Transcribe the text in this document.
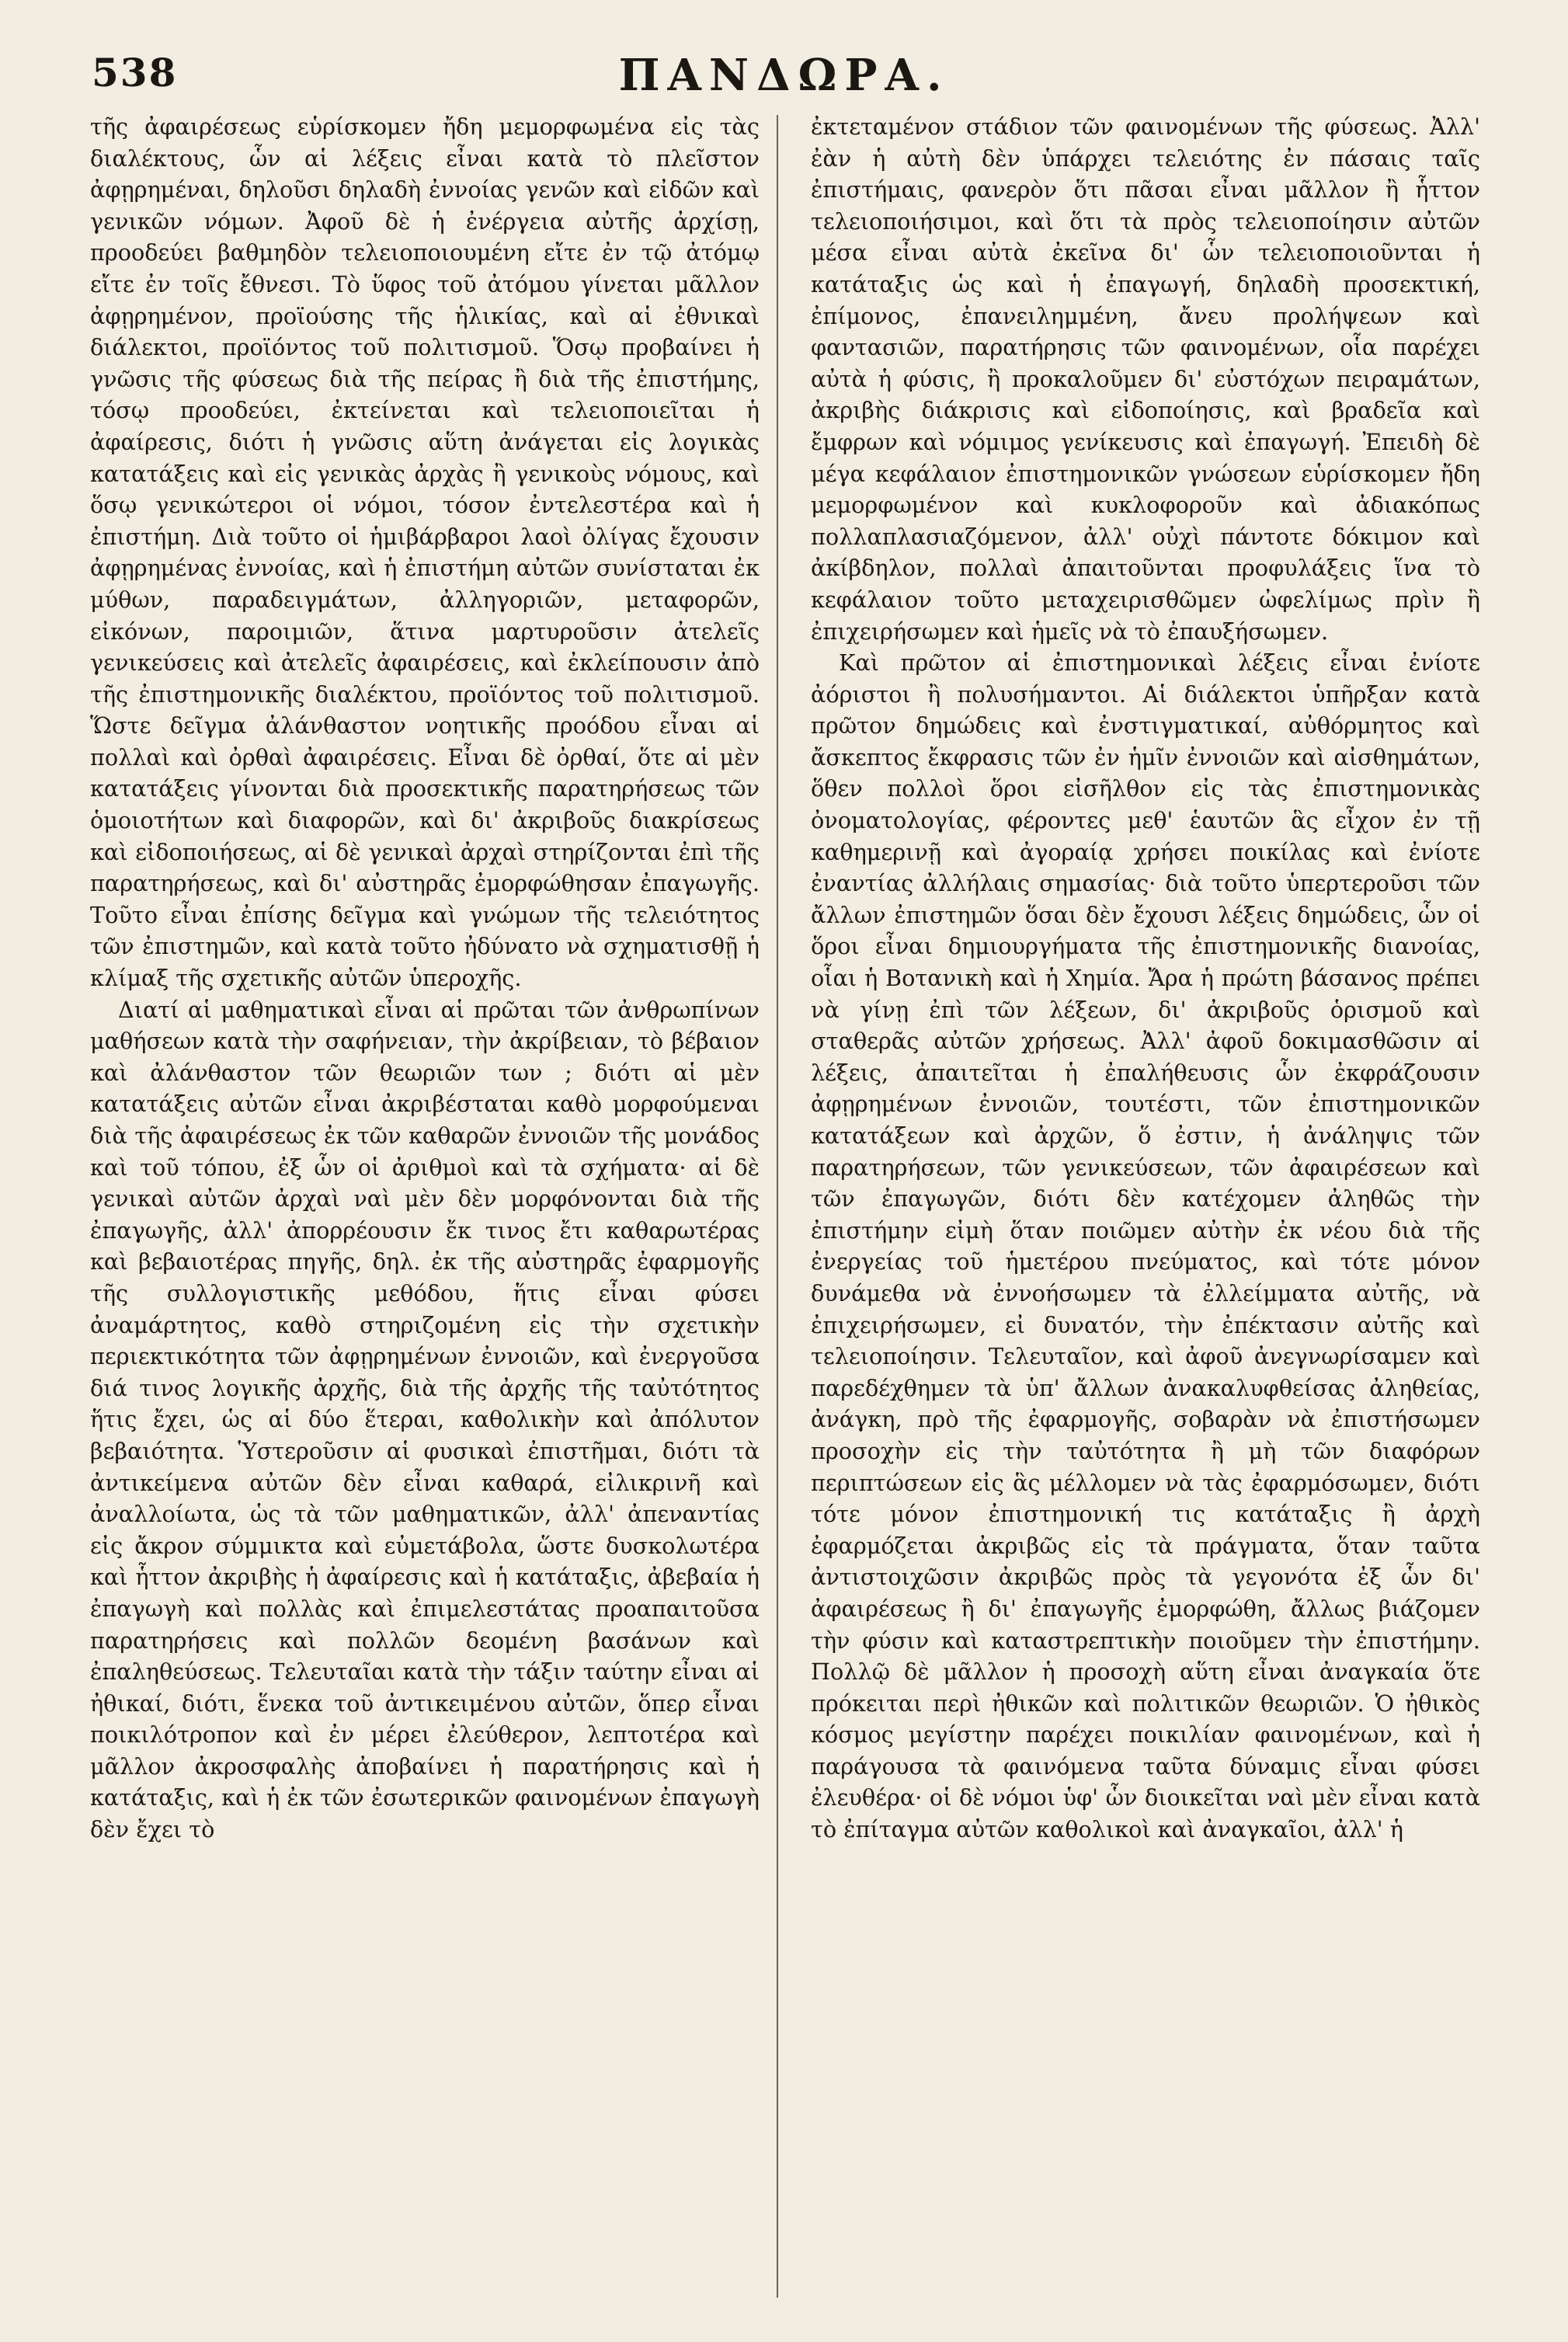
538	ΠΑΝΔΩΡΑ.

τῆς ἀφαιρέσεως εὑρίσκομεν ἤδη μεμορφωμένα εἰς τὰς διαλέκτους, ὧν αἱ λέξεις εἶναι κατὰ τὸ πλεῖστον ἀφῃρημέναι, δηλοῦσι δηλαδὴ ἐννοίας γενῶν καὶ εἰδῶν καὶ γενικῶν νόμων. Ἀφοῦ δὲ ἡ ἐνέργεια αὐτῆς ἀρχίσῃ, προοδεύει βαθμηδὸν τελειοποιουμένη εἴτε ἐν τῷ ἀτόμῳ εἴτε ἐν τοῖς ἔθνεσι. Τὸ ὕφος τοῦ ἀτόμου γίνεται μᾶλλον ἀφῃρημένον, προϊούσης τῆς ἡλικίας, καὶ αἱ ἐθνικαὶ διάλεκτοι, προϊόντος τοῦ πολιτισμοῦ. Ὅσῳ προβαίνει ἡ γνῶσις τῆς φύσεως διὰ τῆς πείρας ἢ διὰ τῆς ἐπιστήμης, τόσῳ προοδεύει, ἐκτείνεται καὶ τελειοποιεῖται ἡ ἀφαίρεσις, διότι ἡ γνῶσις αὕτη ἀνάγεται εἰς λογικὰς κατατάξεις καὶ εἰς γενικὰς ἀρχὰς ἢ γενικοὺς νόμους, καὶ ὅσῳ γενικώτεροι οἱ νόμοι, τόσον ἐντελεστέρα καὶ ἡ ἐπιστήμη. Διὰ τοῦτο οἱ ἡμιβάρβαροι λαοὶ ὀλίγας ἔχουσιν ἀφῃρημένας ἐννοίας, καὶ ἡ ἐπιστήμη αὐτῶν συνίσταται ἐκ μύθων, παραδειγμάτων, ἀλληγοριῶν, μεταφορῶν, εἰκόνων, παροιμιῶν, ἅτινα μαρτυροῦσιν ἀτελεῖς γενικεύσεις καὶ ἀτελεῖς ἀφαιρέσεις, καὶ ἐκλείπουσιν ἀπὸ τῆς ἐπιστημονικῆς διαλέκτου, προϊόντος τοῦ πολιτισμοῦ. Ὥστε δεῖγμα ἀλάνθαστον νοητικῆς προόδου εἶναι αἱ πολλαὶ καὶ ὀρθαὶ ἀφαιρέσεις. Εἶναι δὲ ὀρθαί, ὅτε αἱ μὲν κατατάξεις γίνονται διὰ προσεκτικῆς παρατηρήσεως τῶν ὁμοιοτήτων καὶ διαφορῶν, καὶ δι' ἀκριβοῦς διακρίσεως καὶ εἰδοποιήσεως, αἱ δὲ γενικαὶ ἀρχαὶ στηρίζονται ἐπὶ τῆς παρατηρήσεως, καὶ δι' αὐστηρᾶς ἐμορφώθησαν ἐπαγωγῆς. Τοῦτο εἶναι ἐπίσης δεῖγμα καὶ γνώμων τῆς τελειότητος τῶν ἐπιστημῶν, καὶ κατὰ τοῦτο ἠδύνατο νὰ σχηματισθῇ ἡ κλίμαξ τῆς σχετικῆς αὐτῶν ὑπεροχῆς.

Διατί αἱ μαθηματικαὶ εἶναι αἱ πρῶται τῶν ἀνθρωπίνων μαθήσεων κατὰ τὴν σαφήνειαν, τὴν ἀκρίβειαν, τὸ βέβαιον καὶ ἀλάνθαστον τῶν θεωριῶν των ; διότι αἱ μὲν κατατάξεις αὐτῶν εἶναι ἀκριβέσταται καθὸ μορφούμεναι διὰ τῆς ἀφαιρέσεως ἐκ τῶν καθαρῶν ἐννοιῶν τῆς μονάδος καὶ τοῦ τόπου, ἐξ ὧν οἱ ἀριθμοὶ καὶ τὰ σχήματα· αἱ δὲ γενικαὶ αὐτῶν ἀρχαὶ ναὶ μὲν δὲν μορφόνονται διὰ τῆς ἐπαγωγῆς, ἀλλ' ἀπορρέουσιν ἔκ τινος ἔτι καθαρωτέρας καὶ βεβαιοτέρας πηγῆς, δηλ. ἐκ τῆς αὐστηρᾶς ἐφαρμογῆς τῆς συλλογιστικῆς μεθόδου, ἥτις εἶναι φύσει ἀναμάρτητος, καθὸ στηριζομένη εἰς τὴν σχετικὴν περιεκτικότητα τῶν ἀφῃρημένων ἐννοιῶν, καὶ ἐνεργοῦσα διά τινος λογικῆς ἀρχῆς, διὰ τῆς ἀρχῆς τῆς ταὐτότητος ἥτις ἔχει, ὡς αἱ δύο ἕτεραι, καθολικὴν καὶ ἀπόλυτον βεβαιότητα. Ὑστεροῦσιν αἱ φυσικαὶ ἐπιστῆμαι, διότι τὰ ἀντικείμενα αὐτῶν δὲν εἶναι καθαρά, εἰλικρινῆ καὶ ἀναλλοίωτα, ὡς τὰ τῶν μαθηματικῶν, ἀλλ' ἀπεναντίας εἰς ἄκρον σύμμικτα καὶ εὐμετάβολα, ὥστε δυσκολωτέρα καὶ ἧττον ἀκριβὴς ἡ ἀφαίρεσις καὶ ἡ κατάταξις, ἀβεβαία ἡ ἐπαγωγὴ καὶ πολλὰς καὶ ἐπιμελεστάτας προαπαιτοῦσα παρατηρήσεις καὶ πολλῶν δεομένη βασάνων καὶ ἐπαληθεύσεως. Τελευταῖαι κατὰ τὴν τάξιν ταύτην εἶναι αἱ ἠθικαί, διότι, ἕνεκα τοῦ ἀντικειμένου αὐτῶν, ὅπερ εἶναι ποικιλότροπον καὶ ἐν μέρει ἐλεύθερον, λεπτοτέρα καὶ μᾶλλον ἀκροσφαλὴς ἀποβαίνει ἡ παρατήρησις καὶ ἡ κατάταξις, καὶ ἡ ἐκ τῶν ἐσωτερικῶν φαινομένων ἐπαγωγὴ δὲν ἔχει τὸ

ἐκτεταμένον στάδιον τῶν φαινομένων τῆς φύσεως. Ἀλλ' ἐὰν ἡ αὐτὴ δὲν ὑπάρχει τελειότης ἐν πάσαις ταῖς ἐπιστήμαις, φανερὸν ὅτι πᾶσαι εἶναι μᾶλλον ἢ ἧττον τελειοποιήσιμοι, καὶ ὅτι τὰ πρὸς τελειοποίησιν αὐτῶν μέσα εἶναι αὐτὰ ἐκεῖνα δι' ὧν τελειοποιοῦνται ἡ κατάταξις ὡς καὶ ἡ ἐπαγωγή, δηλαδὴ προσεκτική, ἐπίμονος, ἐπανειλημμένη, ἄνευ προλήψεων καὶ φαντασιῶν, παρατήρησις τῶν φαινομένων, οἷα παρέχει αὐτὰ ἡ φύσις, ἢ προκαλοῦμεν δι' εὐστόχων πειραμάτων, ἀκριβὴς διάκρισις καὶ εἰδοποίησις, καὶ βραδεῖα καὶ ἔμφρων καὶ νόμιμος γενίκευσις καὶ ἐπαγωγή. Ἐπειδὴ δὲ μέγα κεφάλαιον ἐπιστημονικῶν γνώσεων εὑρίσκομεν ἤδη μεμορφωμένον καὶ κυκλοφοροῦν καὶ ἀδιακόπως πολλαπλασιαζόμενον, ἀλλ' οὐχὶ πάντοτε δόκιμον καὶ ἀκίβδηλον, πολλαὶ ἀπαιτοῦνται προφυλάξεις ἵνα τὸ κεφάλαιον τοῦτο μεταχειρισθῶμεν ὠφελίμως πρὶν ἢ ἐπιχειρήσωμεν καὶ ἡμεῖς νὰ τὸ ἐπαυξήσωμεν.

Καὶ πρῶτον αἱ ἐπιστημονικαὶ λέξεις εἶναι ἐνίοτε ἀόριστοι ἢ πολυσήμαντοι. Αἱ διάλεκτοι ὑπῆρξαν κατὰ πρῶτον δημώδεις καὶ ἐνστιγματικαί, αὐθόρμητος καὶ ἄσκεπτος ἔκφρασις τῶν ἐν ἡμῖν ἐννοιῶν καὶ αἰσθημάτων, ὅθεν πολλοὶ ὅροι εἰσῆλθον εἰς τὰς ἐπιστημονικὰς ὀνοματολογίας, φέροντες μεθ' ἑαυτῶν ἃς εἶχον ἐν τῇ καθημερινῇ καὶ ἀγοραίᾳ χρήσει ποικίλας καὶ ἐνίοτε ἐναντίας ἀλλήλαις σημασίας· διὰ τοῦτο ὑπερτεροῦσι τῶν ἄλλων ἐπιστημῶν ὅσαι δὲν ἔχουσι λέξεις δημώδεις, ὧν οἱ ὅροι εἶναι δημιουργήματα τῆς ἐπιστημονικῆς διανοίας, οἷαι ἡ Βοτανικὴ καὶ ἡ Χημία. Ἄρα ἡ πρώτη βάσανος πρέπει νὰ γίνῃ ἐπὶ τῶν λέξεων, δι' ἀκριβοῦς ὁρισμοῦ καὶ σταθερᾶς αὐτῶν χρήσεως. Ἀλλ' ἀφοῦ δοκιμασθῶσιν αἱ λέξεις, ἀπαιτεῖται ἡ ἐπαλήθευσις ὧν ἐκφράζουσιν ἀφῃρημένων ἐννοιῶν, τουτέστι, τῶν ἐπιστημονικῶν κατατάξεων καὶ ἀρχῶν, ὅ ἐστιν, ἡ ἀνάληψις τῶν παρατηρήσεων, τῶν γενικεύσεων, τῶν ἀφαιρέσεων καὶ τῶν ἐπαγωγῶν, διότι δὲν κατέχομεν ἀληθῶς τὴν ἐπιστήμην εἰμὴ ὅταν ποιῶμεν αὐτὴν ἐκ νέου διὰ τῆς ἐνεργείας τοῦ ἡμετέρου πνεύματος, καὶ τότε μόνον δυνάμεθα νὰ ἐννοήσωμεν τὰ ἐλλείμματα αὐτῆς, νὰ ἐπιχειρήσωμεν, εἰ δυνατόν, τὴν ἐπέκτασιν αὐτῆς καὶ τελειοποίησιν. Τελευταῖον, καὶ ἀφοῦ ἀνεγνωρίσαμεν καὶ παρεδέχθημεν τὰ ὑπ' ἄλλων ἀνακαλυφθείσας ἀληθείας, ἀνάγκη, πρὸ τῆς ἐφαρμογῆς, σοβαρὰν νὰ ἐπιστήσωμεν προσοχὴν εἰς τὴν ταὐτότητα ἢ μὴ τῶν διαφόρων περιπτώσεων εἰς ἃς μέλλομεν νὰ τὰς ἐφαρμόσωμεν, διότι τότε μόνον ἐπιστημονική τις κατάταξις ἢ ἀρχὴ ἐφαρμόζεται ἀκριβῶς εἰς τὰ πράγματα, ὅταν ταῦτα ἀντιστοιχῶσιν ἀκριβῶς πρὸς τὰ γεγονότα ἐξ ὧν δι' ἀφαιρέσεως ἢ δι' ἐπαγωγῆς ἐμορφώθη, ἄλλως βιάζομεν τὴν φύσιν καὶ καταστρεπτικὴν ποιοῦμεν τὴν ἐπιστήμην. Πολλῷ δὲ μᾶλλον ἡ προσοχὴ αὕτη εἶναι ἀναγκαία ὅτε πρόκειται περὶ ἠθικῶν καὶ πολιτικῶν θεωριῶν. Ὁ ἠθικὸς κόσμος μεγίστην παρέχει ποικιλίαν φαινομένων, καὶ ἡ παράγουσα τὰ φαινόμενα ταῦτα δύναμις εἶναι φύσει ἐλευθέρα· οἱ δὲ νόμοι ὑφ' ὧν διοικεῖται ναὶ μὲν εἶναι κατὰ τὸ ἐπίταγμα αὐτῶν καθολικοὶ καὶ ἀναγκαῖοι, ἀλλ' ἡ
